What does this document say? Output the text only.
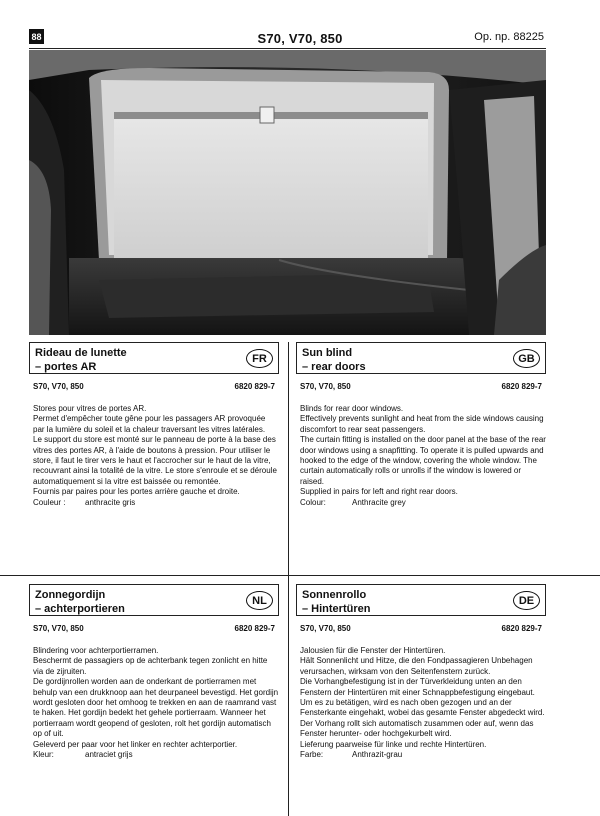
88	S70, V70, 850	Op. np. 88225
Rideau de lunette
– portes AR
FR
S70, V70, 850	6820 829-7

Stores pour vitres de portes AR.

Permet d'empêcher toute gêne pour les passagers AR provoquée par la lumière du soleil et la chaleur traversant les vitres latérales.

Le support du store est monté sur le panneau de porte à la base des vitres des portes AR, à l'aide de boutons à pression. Pour utiliser le store, il faut le tirer vers le haut et l'accrocher sur le haut de la vitre, recouvrant ainsi la totalité de la vitre. Le store s'enroule et se déroule automatiquement si la vitre est baissée ou remontée.

Fournis par paires pour les portes arrière gauche et droite.

Couleur :	anthracite gris
Sun blind
– rear doors
GB
S70, V70, 850	6820 829-7

Blinds for rear door windows.

Effectively prevents sunlight and heat from the side windows causing discomfort to rear seat passengers.

The curtain fitting is installed on the door panel at the base of the rear door windows using a snapfitting. To operate it is pulled upwards and hooked to the edge of the window, covering the whole window. The curtain automatically rolls or unrolls if the window is lowered or raised.

Supplied in pairs for left and right rear doors.

Colour:	Anthracite grey
Zonnegordijn
– achterportieren
NL
S70, V70, 850	6820 829-7

Blindering voor achterportierramen.

Beschermt de passagiers op de achterbank tegen zonlicht en hitte via de zijruiten.

De gordijnrollen worden aan de onderkant de portierramen met behulp van een drukknoop aan het deurpaneel bevestigd. Het gordijn wordt gesloten door het omhoog te trekken en aan de raamrand vast te haken. Het gordijn bedekt het gehele portierraam. Wanneer het portierraam wordt geopend of gesloten, rolt het gordijn automatisch op of uit.

Geleverd per paar voor het linker en rechter achterportier.

Kleur:	antraciet grijs
Sonnenrollo
– Hintertüren
DE
S70, V70, 850	6820 829-7

Jalousien für die Fenster der Hintertüren.

Hält Sonnenlicht und Hitze, die den Fondpassagieren Unbehagen verursachen, wirksam von den Seitenfenstern zurück.

Die Vorhangbefestigung ist in der Türverkleidung unten an den Fenstern der Hintertüren mit einer Schnappbefestigung eingebaut. Um es zu betätigen, wird es nach oben gezogen und an der Fensterkante eingehakt, wobei das gesamte Fenster abgedeckt wird. Der Vorhang rollt sich automatisch zusammen oder auf, wenn das Fenster herunter- oder hochgekurbelt wird.

Lieferung paarweise für linke und rechte Hintertüren.

Farbe:	Anthrazit-grau
